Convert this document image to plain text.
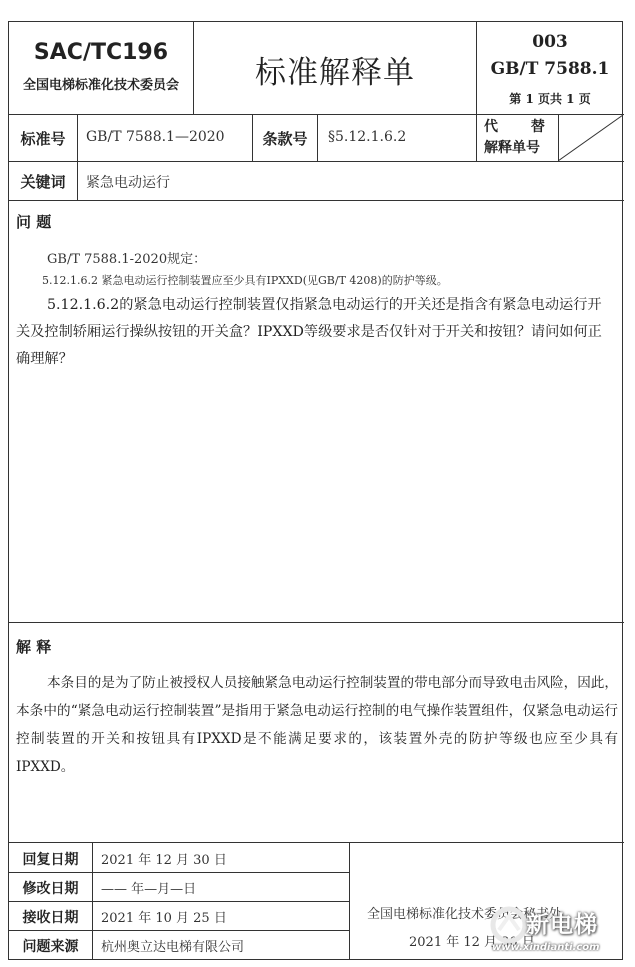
SAC/TC196
全国电梯标准化技术委员会	标准解释单
003
GB/T 7588.1
第 1 页共 1 页
标准号	GB/T 7588.1—2020	条款号	§5.12.1.6.2
代 替
解释单号
关键词	紧急电动运行
问 题
GB/T 7588.1-2020规定：
5.12.1.6.2 紧急电动运行控制装置应至少具有IPXXD(见GB/T 4208)的防护等级。
5.12.1.6.2的紧急电动运行控制装置仅指紧急电动运行的开关还是指含有紧急电动运行开关及控制轿厢运行操纵按钮的开关盒？IPXXD等级要求是否仅针对于开关和按钮？请问如何正确理解？
解 释
本条目的是为了防止被授权人员接触紧急电动运行控制装置的带电部分而导致电击风险，因此，本条中的“紧急电动运行控制装置”是指用于紧急电动运行控制的电气操作装置组件，仅紧急电动运行控制装置的开关和按钮具有IPXXD是不能满足要求的，该装置外壳的防护等级也应至少具有IPXXD。
回复日期	2021 年 12 月 30 日
修改日期	—— 年—月—日
接收日期	2021 年 10 月 25 日
问题来源	杭州奥立达电梯有限公司
全国电梯标准化技术委员会秘书处
2021 年 12 月 30 日
新电梯
www.xindianti.com
